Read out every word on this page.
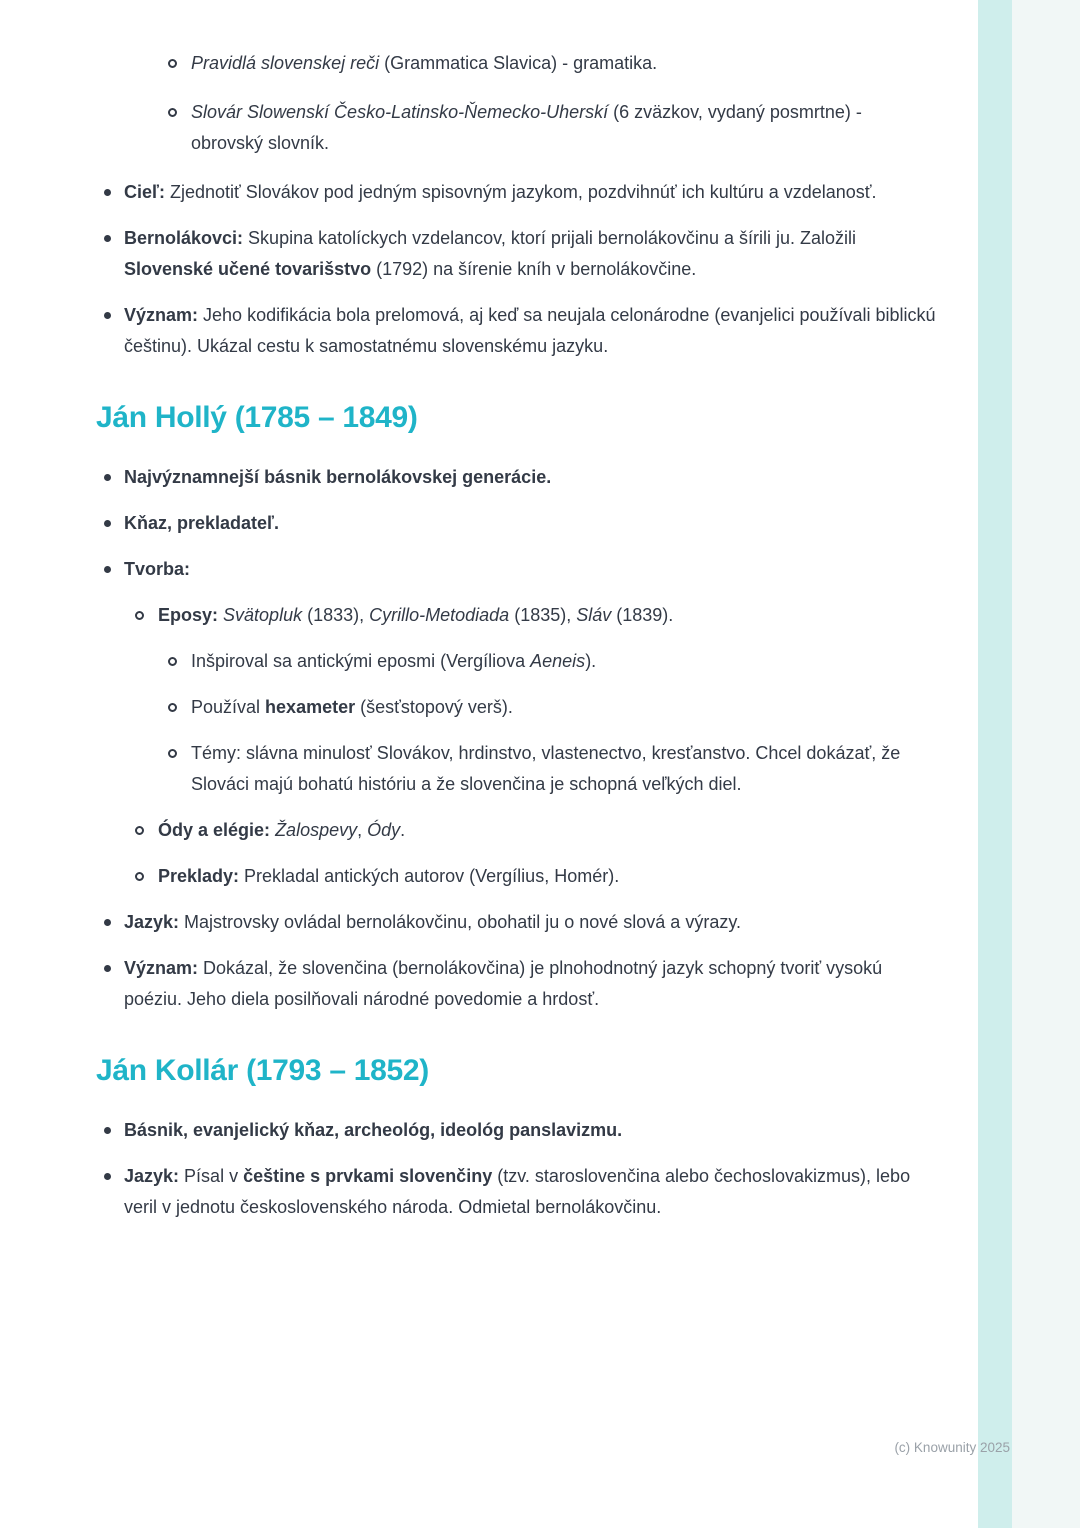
Pravidlá slovenskej reči (Grammatica Slavica) - gramatika.
Slovár Slowenskí Česko-Latinsko-Ňemecko-Uherskí (6 zväzkov, vydaný posmrtne) - obrovský slovník.
Cieľ: Zjednotiť Slovákov pod jedným spisovným jazykom, pozdvihnúť ich kultúru a vzdelanosť.
Bernolákovci: Skupina katolíckych vzdelancov, ktorí prijali bernolákovčinu a šírili ju. Založili Slovenské učené tovarišstvo (1792) na šírenie kníh v bernolákovčine.
Význam: Jeho kodifikácia bola prelomová, aj keď sa neujala celonárodne (evanjelici používali biblickú češtinu). Ukázal cestu k samostatnému slovenskému jazyku.
Ján Hollý (1785 – 1849)
Najvýznamnejší básnik bernolákovskej generácie.
Kňaz, prekladateľ.
Tvorba:
Eposy: Svätopluk (1833), Cyrillo-Metodiada (1835), Sláv (1839).
Inšpiroval sa antickými eposmi (Vergíliova Aeneis).
Používal hexameter (šesťstopový verš).
Témy: slávna minulosť Slovákov, hrdinstvo, vlastenectvo, kresťanstvo. Chcel dokázať, že Slováci majú bohatú históriu a že slovenčina je schopná veľkých diel.
Ódy a elégie: Žalospevy, Ódy.
Preklady: Prekladal antických autorov (Vergílius, Homér).
Jazyk: Majstrovsky ovládal bernolákovčinu, obohatil ju o nové slová a výrazy.
Význam: Dokázal, že slovenčina (bernolákovčina) je plnohodnotný jazyk schopný tvoriť vysokú poéziu. Jeho diela posilňovali národné povedomie a hrdosť.
Ján Kollár (1793 – 1852)
Básnik, evanjelický kňaz, archeológ, ideológ panslavizmu.
Jazyk: Písal v češtine s prvkami slovenčiny (tzv. staroslovenčina alebo čechoslovakizmus), lebo veril v jednotu československého národa. Odmietal bernolákovčinu.
(c) Knowunity 2025
